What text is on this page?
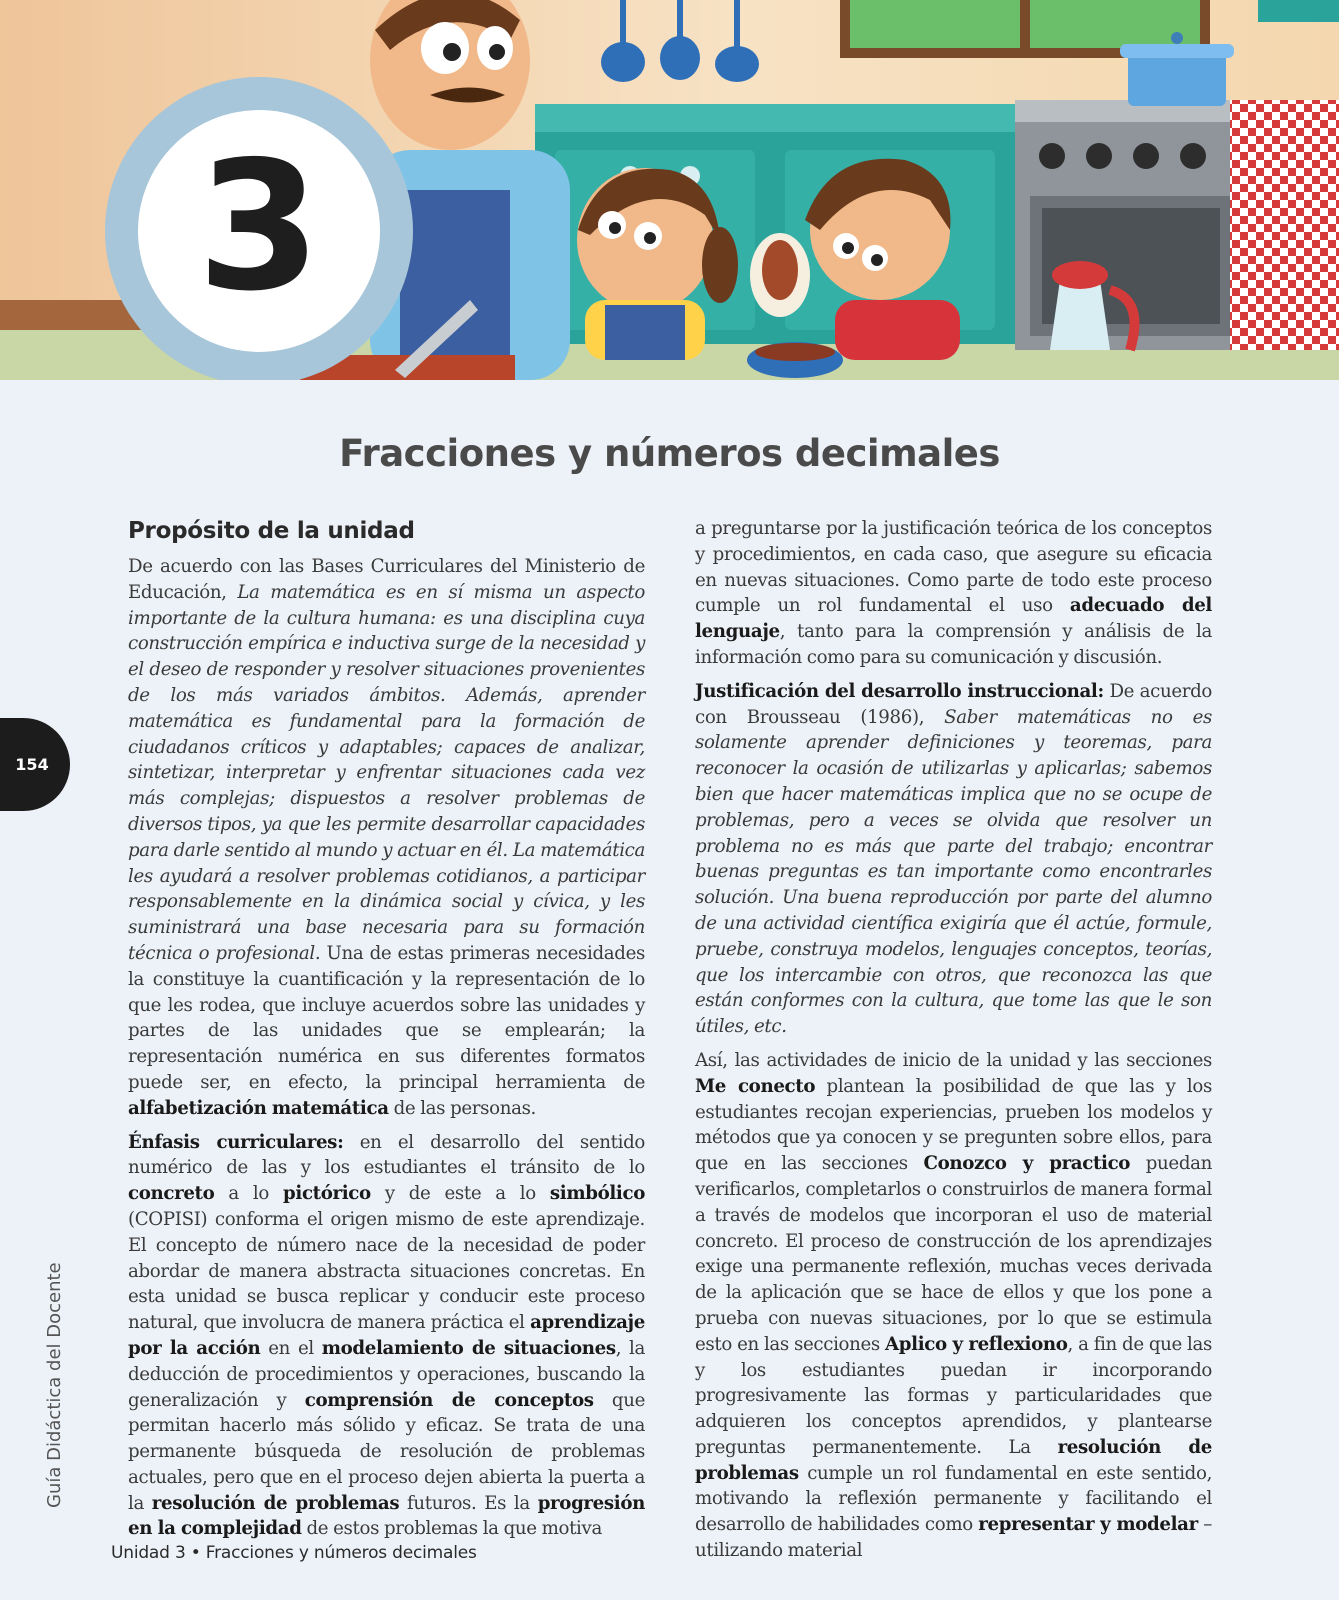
3
Fracciones y números decimales
154
Guía Didáctica del Docente
Propósito de la unidad

De acuerdo con las Bases Curriculares del Ministerio de Educación, La matemática es en sí misma un aspecto importante de la cultura humana: es una disciplina cuya construcción empírica e inductiva surge de la necesidad y el deseo de responder y resolver situaciones provenientes de los más variados ámbitos. Además, aprender matemática es fundamental para la formación de ciudadanos críticos y adaptables; capaces de analizar, sintetizar, interpretar y enfrentar situaciones cada vez más complejas; dispuestos a resolver problemas de diversos tipos, ya que les permite desarrollar capacidades para darle sentido al mundo y actuar en él. La matemática les ayudará a resolver problemas cotidianos, a participar responsablemente en la dinámica social y cívica, y les suministrará una base necesaria para su formación técnica o profesional. Una de estas primeras necesidades la constituye la cuantificación y la representación de lo que les rodea, que incluye acuerdos sobre las unidades y partes de las unidades que se emplearán; la representación numérica en sus diferentes formatos puede ser, en efecto, la principal herramienta de alfabetización matemática de las personas.

Énfasis curriculares: en el desarrollo del sentido numérico de las y los estudiantes el tránsito de lo concreto a lo pictórico y de este a lo simbólico (COPISI) conforma el origen mismo de este aprendizaje. El concepto de número nace de la necesidad de poder abordar de manera abstracta situaciones concretas. En esta unidad se busca replicar y conducir este proceso natural, que involucra de manera práctica el aprendizaje por la acción en el modelamiento de situaciones, la deducción de procedimientos y operaciones, buscando la generalización y comprensión de conceptos que permitan hacerlo más sólido y eficaz. Se trata de una permanente búsqueda de resolución de problemas actuales, pero que en el proceso dejen abierta la puerta a la resolución de problemas futuros. Es la progresión en la complejidad de estos problemas la que motiva

a preguntarse por la justificación teórica de los conceptos y procedimientos, en cada caso, que asegure su eficacia en nuevas situaciones. Como parte de todo este proceso cumple un rol fundamental el uso adecuado del lenguaje, tanto para la comprensión y análisis de la información como para su comunicación y discusión.

Justificación del desarrollo instruccional: De acuerdo con Brousseau (1986), Saber matemáticas no es solamente aprender definiciones y teoremas, para reconocer la ocasión de utilizarlas y aplicarlas; sabemos bien que hacer matemáticas implica que no se ocupe de problemas, pero a veces se olvida que resolver un problema no es más que parte del trabajo; encontrar buenas preguntas es tan importante como encontrarles solución. Una buena reproducción por parte del alumno de una actividad científica exigiría que él actúe, formule, pruebe, construya modelos, lenguajes conceptos, teorías, que los intercambie con otros, que reconozca las que están conformes con la cultura, que tome las que le son útiles, etc.

Así, las actividades de inicio de la unidad y las secciones Me conecto plantean la posibilidad de que las y los estudiantes recojan experiencias, prueben los modelos y métodos que ya conocen y se pregunten sobre ellos, para que en las secciones Conozco y practico puedan verificarlos, completarlos o construirlos de manera formal a través de modelos que incorporan el uso de material concreto. El proceso de construcción de los aprendizajes exige una permanente reflexión, muchas veces derivada de la aplicación que se hace de ellos y que los pone a prueba con nuevas situaciones, por lo que se estimula esto en las secciones Aplico y reflexiono, a fin de que las y los estudiantes puedan ir incorporando progresivamente las formas y particularidades que adquieren los conceptos aprendidos, y plantearse preguntas permanentemente. La resolución de problemas cumple un rol fundamental en este sentido, motivando la reflexión permanente y facilitando el desarrollo de habilidades como representar y modelar –utilizando material

Unidad 3 • Fracciones y números decimales
